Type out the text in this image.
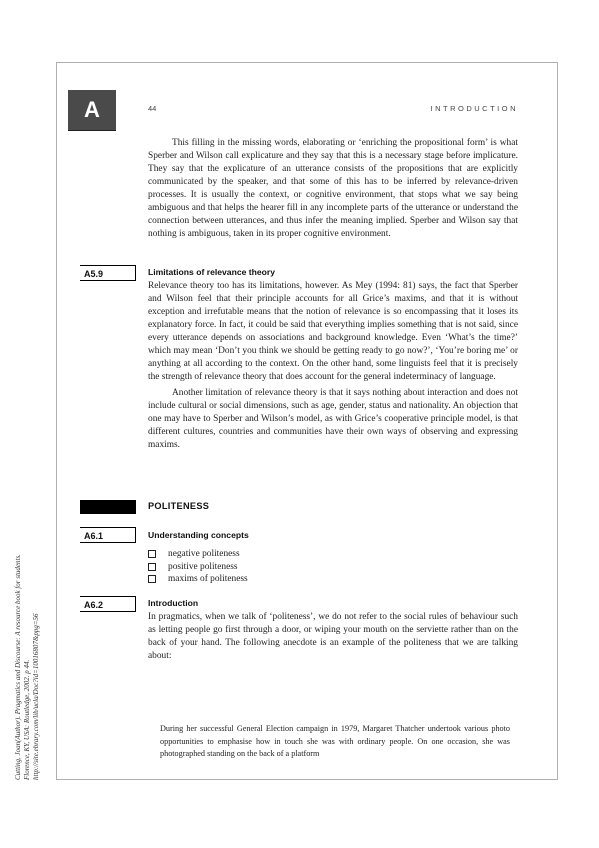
A	44	INTRODUCTION

This filling in the missing words, elaborating or ‘enriching the propositional form’ is what Sperber and Wilson call explicature and they say that this is a necessary stage before implicature. They say that the explicature of an utterance consists of the propositions that are explicitly communicated by the speaker, and that some of this has to be inferred by relevance-driven processes. It is usually the context, or cognitive environment, that stops what we say being ambiguous and that helps the hearer fill in any incomplete parts of the utterance or understand the connection between utterances, and thus infer the meaning implied. Sperber and Wilson say that nothing is ambiguous, taken in its proper cognitive environment.

A5.9	Limitations of relevance theory

Relevance theory too has its limitations, however. As Mey (1994: 81) says, the fact that Sperber and Wilson feel that their principle accounts for all Grice’s maxims, and that it is without exception and irrefutable means that the notion of relevance is so encompassing that it loses its explanatory force. In fact, it could be said that everything implies something that is not said, since every utterance depends on associations and background knowledge. Even ‘What’s the time?’ which may mean ‘Don’t you think we should be getting ready to go now?’, ‘You’re boring me’ or anything at all according to the context. On the other hand, some linguists feel that it is precisely the strength of relevance theory that does account for the general indeterminacy of language.

Another limitation of relevance theory is that it says nothing about interaction and does not include cultural or social dimensions, such as age, gender, status and nationality. An objection that one may have to Sperber and Wilson’s model, as with Grice’s cooperative principle model, is that different cultures, countries and communities have their own ways of observing and expressing maxims.

POLITENESS
A6.1	Understanding concepts

negative politeness
positive politeness
maxims of politeness
A6.2	Introduction

In pragmatics, when we talk of ‘politeness’, we do not refer to the social rules of behaviour such as letting people go first through a door, or wiping your mouth on the serviette rather than on the back of your hand. The following anecdote is an example of the politeness that we are talking about:

During her successful General Election campaign in 1979, Margaret Thatcher undertook various photo opportunities to emphasise how in touch she was with ordinary people. On one occasion, she was photographed standing on the back of a platform

Cutting, Joan(Author). Pragmatics and Discourse: A resource book for students. Florence, KY, USA: Routledge, 2002. p 44. http://site.ebrary.com/lib/ucla/Doc?id=10016807&ppg=56
